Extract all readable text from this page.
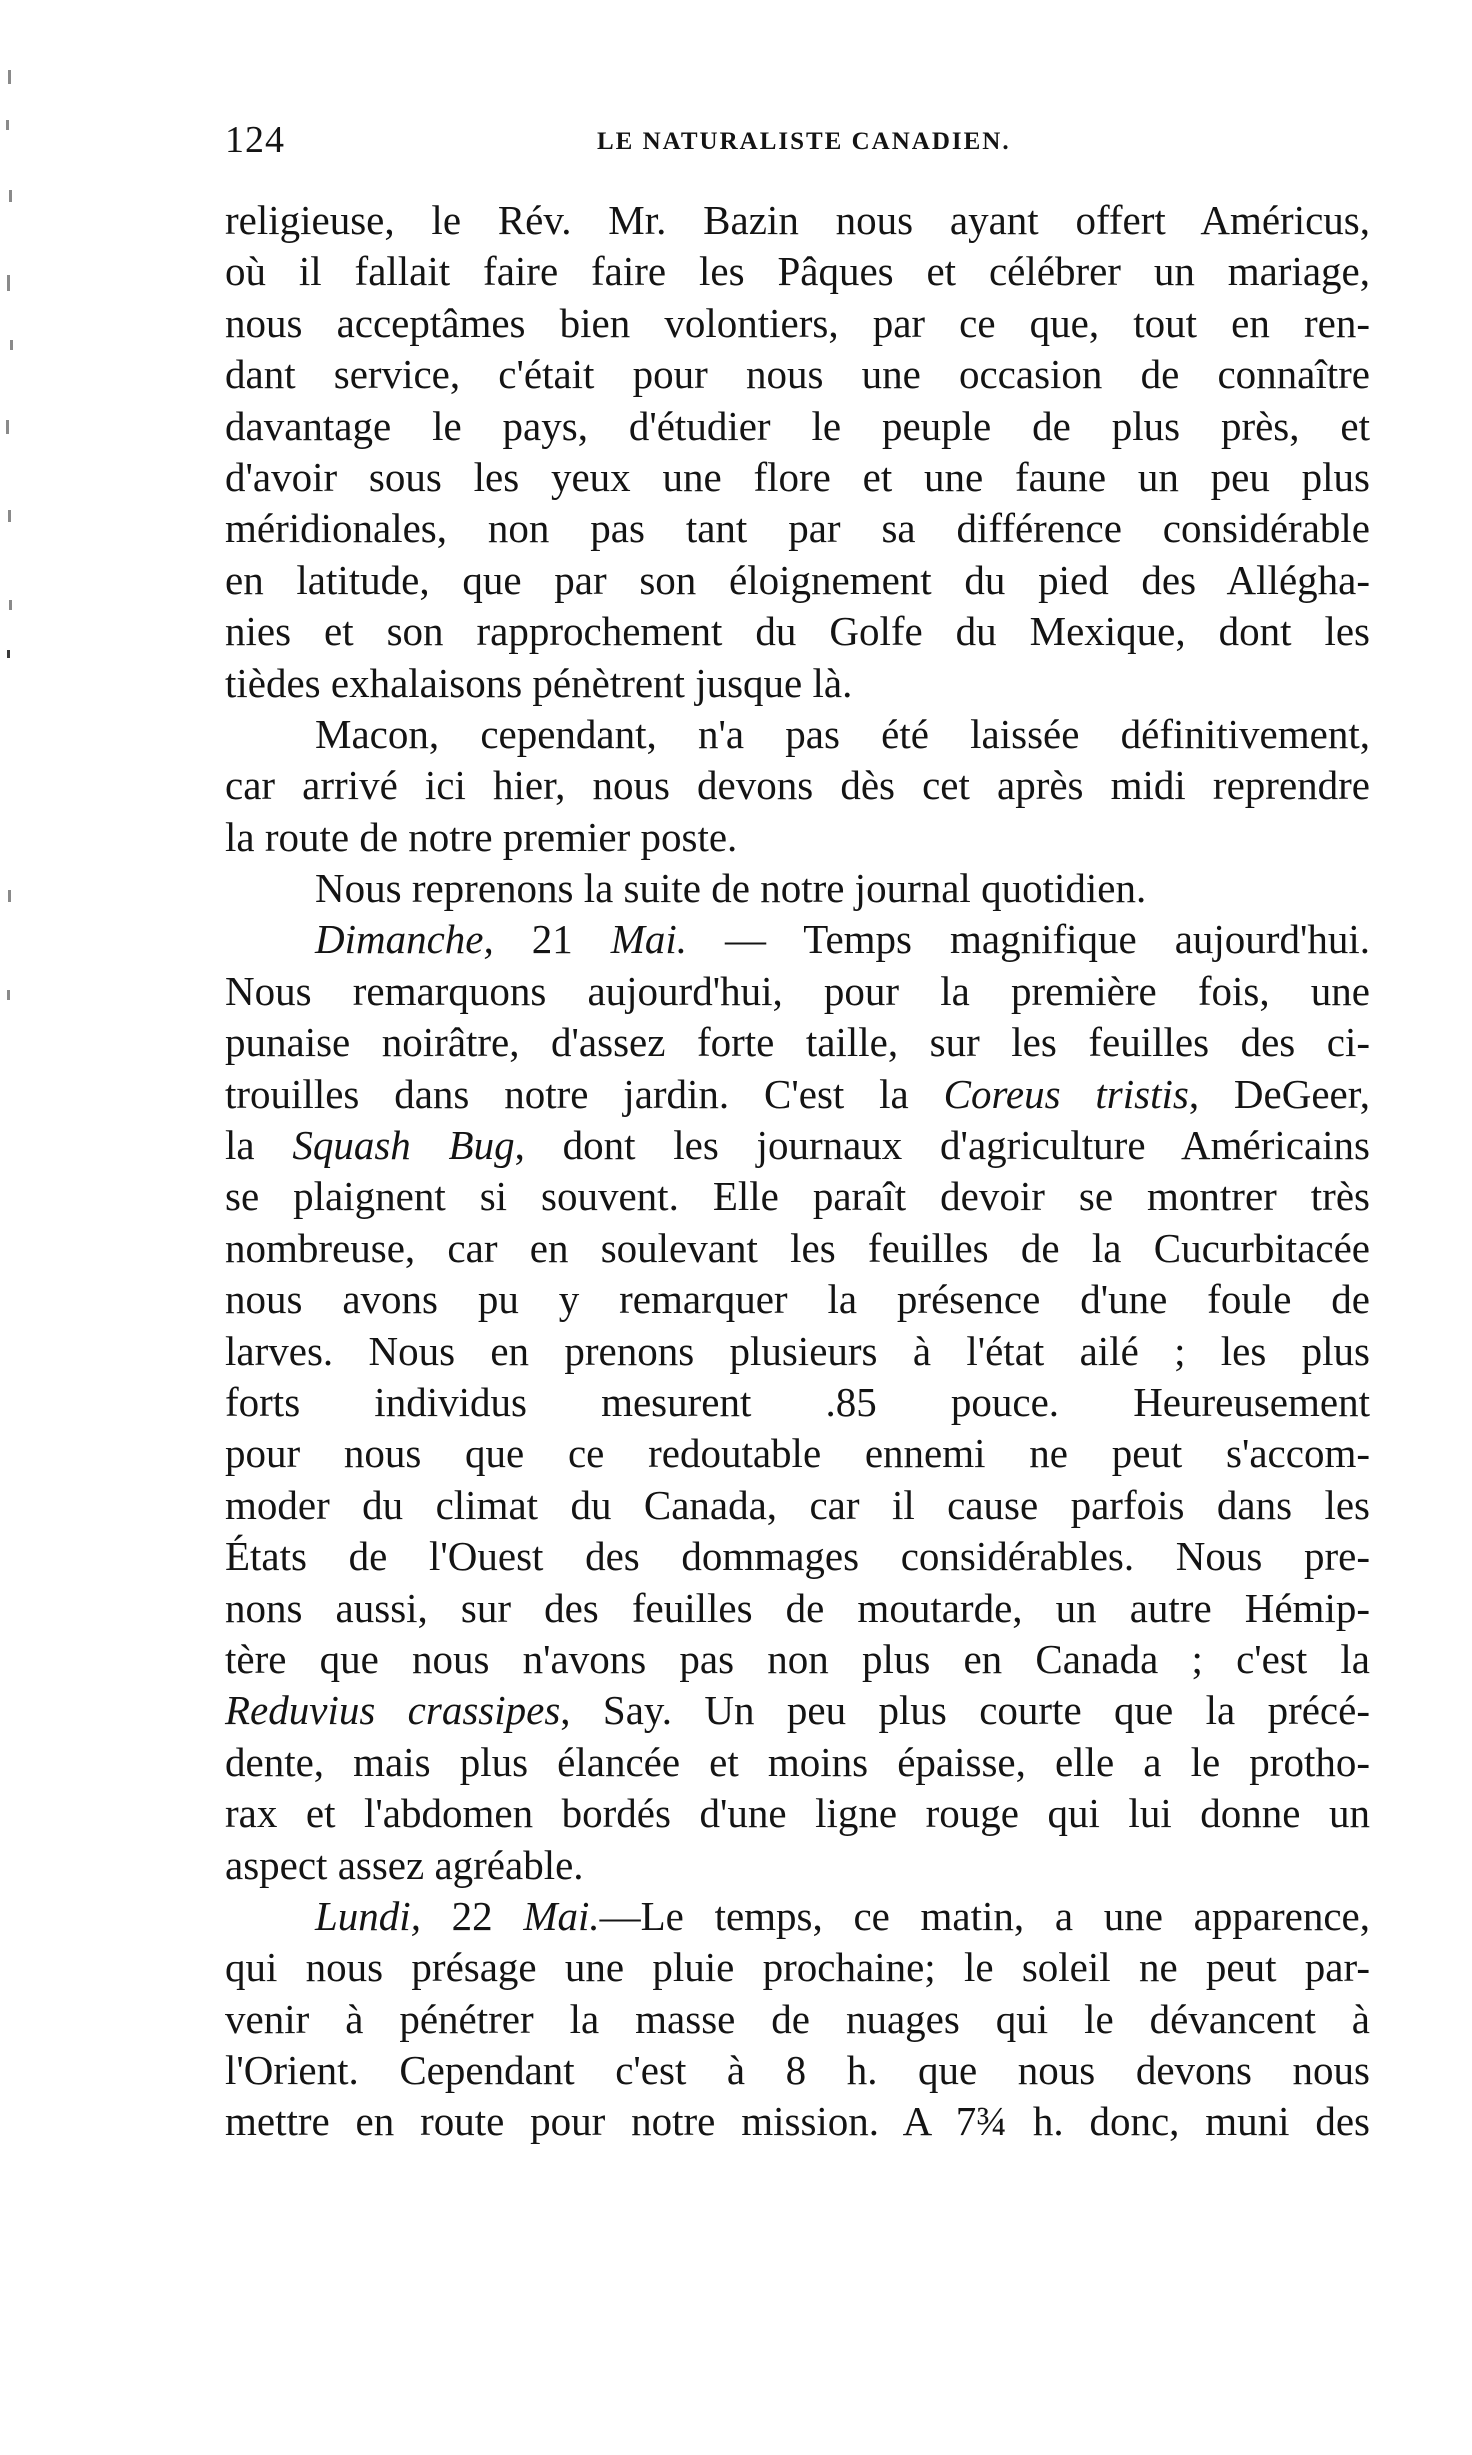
124	LE NATURALISTE CANADIEN.
religieuse, le Rév. Mr. Bazin nous ayant offert Américus,
où il fallait faire faire les Pâques et célébrer un mariage,
nous acceptâmes bien volontiers, par ce que, tout en ren-
dant service, c'était pour nous une occasion de connaître
davantage le pays, d'étudier le peuple de plus près, et
d'avoir sous les yeux une flore et une faune un peu plus
méridionales, non pas tant par sa différence considérable
en latitude, que par son éloignement du pied des Allégha-
nies et son rapprochement du Golfe du Mexique, dont les
tièdes exhalaisons pénètrent jusque là.
Macon, cependant, n'a pas été laissée définitivement,
car arrivé ici hier, nous devons dès cet après midi reprendre
la route de notre premier poste.
Nous reprenons la suite de notre journal quotidien.
Dimanche, 21 Mai. — Temps magnifique aujourd'hui.
Nous remarquons aujourd'hui, pour la première fois, une
punaise noirâtre, d'assez forte taille, sur les feuilles des ci-
trouilles dans notre jardin. C'est la Coreus tristis, DeGeer,
la Squash Bug, dont les journaux d'agriculture Américains
se plaignent si souvent. Elle paraît devoir se montrer très
nombreuse, car en soulevant les feuilles de la Cucurbitacée
nous avons pu y remarquer la présence d'une foule de
larves. Nous en prenons plusieurs à l'état ailé ; les plus
forts individus mesurent .85 pouce. Heureusement
pour nous que ce redoutable ennemi ne peut s'accom-
moder du climat du Canada, car il cause parfois dans les
États de l'Ouest des dommages considérables. Nous pre-
nons aussi, sur des feuilles de moutarde, un autre Hémip-
tère que nous n'avons pas non plus en Canada ; c'est la
Reduvius crassipes, Say. Un peu plus courte que la précé-
dente, mais plus élancée et moins épaisse, elle a le protho-
rax et l'abdomen bordés d'une ligne rouge qui lui donne un
aspect assez agréable.
Lundi, 22 Mai.—Le temps, ce matin, a une apparence,
qui nous présage une pluie prochaine; le soleil ne peut par-
venir à pénétrer la masse de nuages qui le dévancent à
l'Orient. Cependant c'est à 8 h. que nous devons nous
mettre en route pour notre mission. A 7¾ h. donc, muni des
